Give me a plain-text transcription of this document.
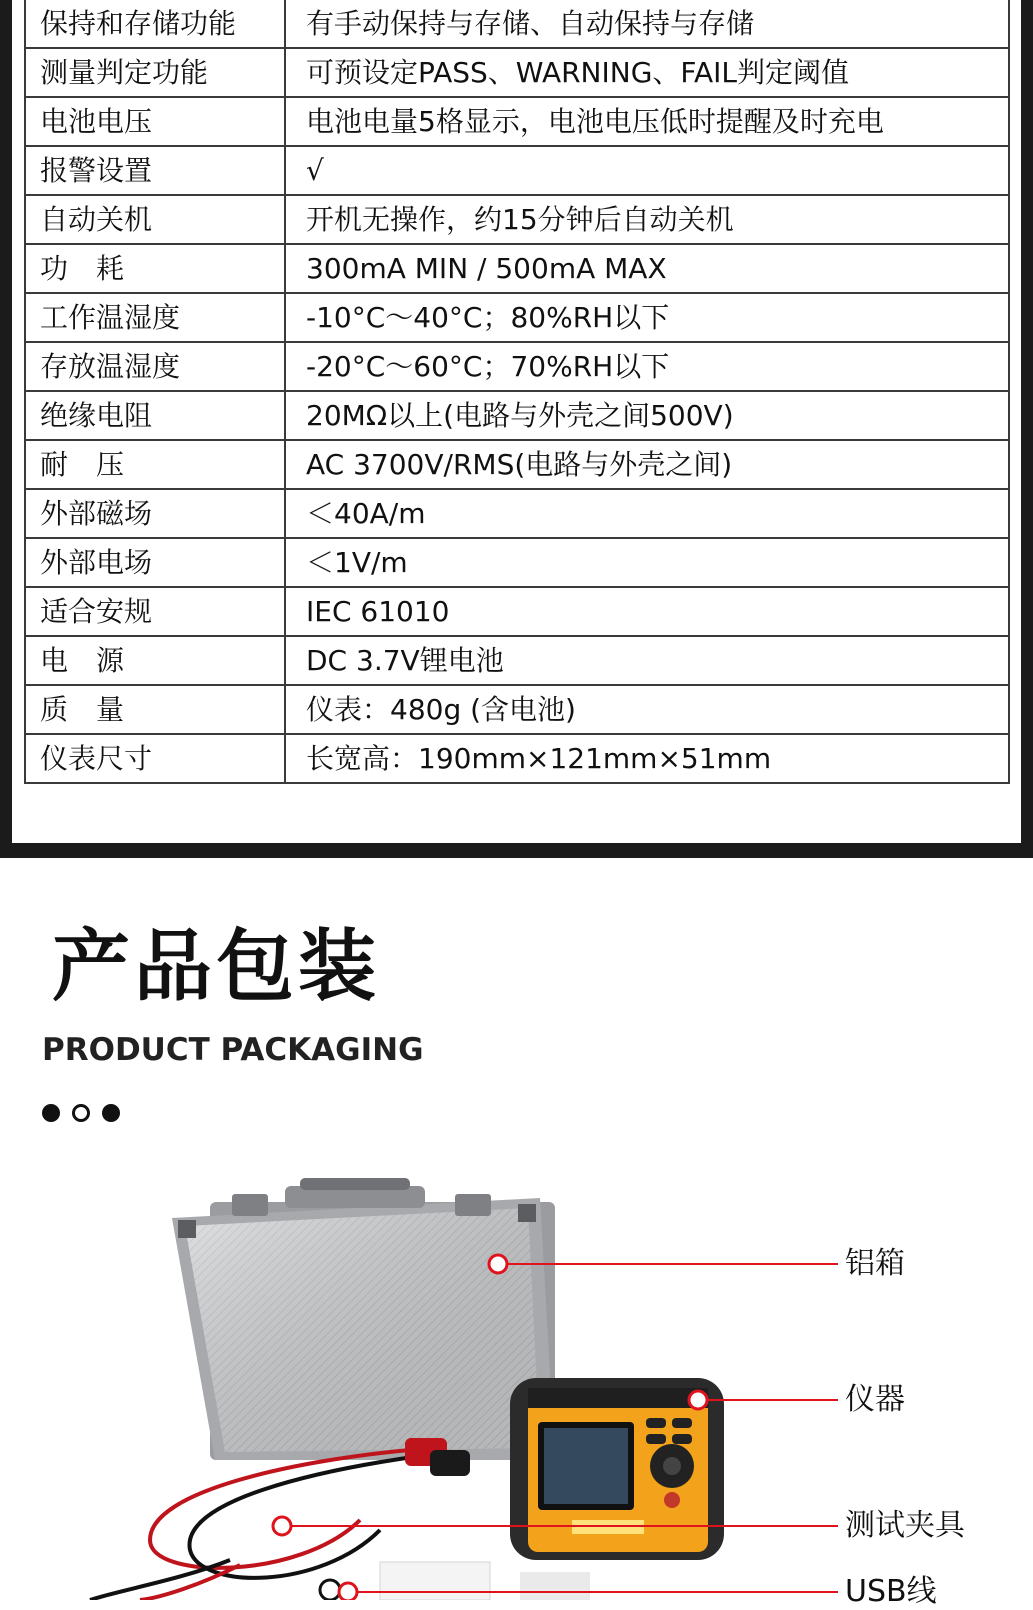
保持和存储功能	有手动保持与存储、自动保持与存储
测量判定功能	可预设定PASS、WARNING、FAIL判定阈值
电池电压	电池电量5格显示，电池电压低时提醒及时充电
报警设置	√
自动关机	开机无操作，约15分钟后自动关机
功　耗	300mA MIN / 500mA MAX
工作温湿度	-10°C～40°C；80%RH以下
存放温湿度	-20°C～60°C；70%RH以下
绝缘电阻	20MΩ以上(电路与外壳之间500V)
耐　压	AC 3700V/RMS(电路与外壳之间)
外部磁场	＜40A/m
外部电场	＜1V/m
适合安规	IEC 61010
电　源	DC 3.7V锂电池
质　量	仪表：480g (含电池)
仪表尺寸	长宽高：190mm×121mm×51mm
产品包装
PRODUCT PACKAGING
铝箱
仪器
测试夹具
USB线
